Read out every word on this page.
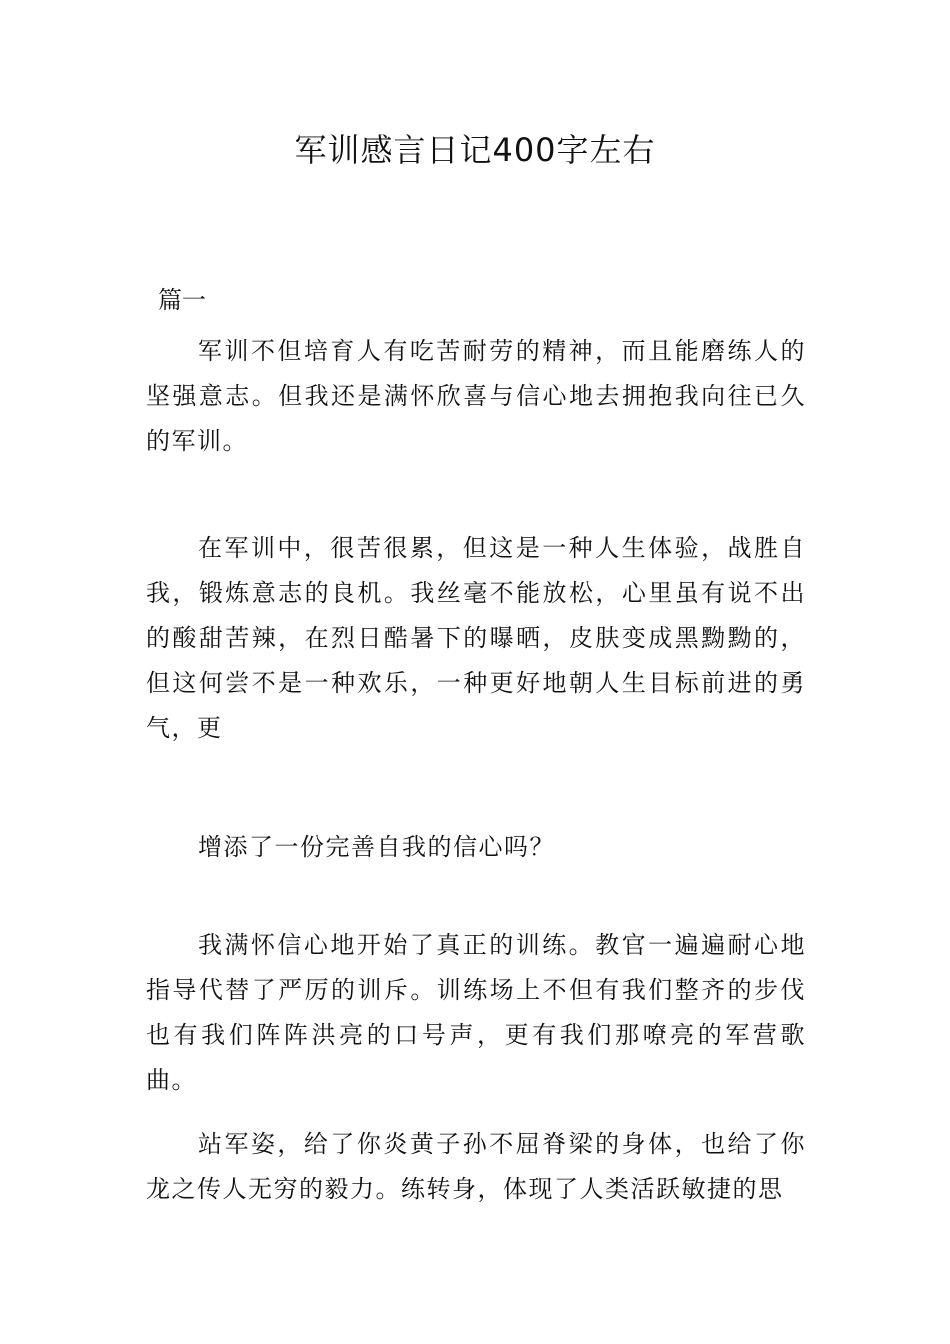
军训感言日记400字左右
篇一

军训不但培育人有吃苦耐劳的精神，而且能磨练人的坚强意志。但我还是满怀欣喜与信心地去拥抱我向往已久的军训。

在军训中，很苦很累，但这是一种人生体验，战胜自我，锻炼意志的良机。我丝毫不能放松，心里虽有说不出的酸甜苦辣，在烈日酷暑下的曝晒，皮肤变成黑黝黝的，但这何尝不是一种欢乐，一种更好地朝人生目标前进的勇气，更

增添了一份完善自我的信心吗？

我满怀信心地开始了真正的训练。教官一遍遍耐心地指导代替了严厉的训斥。训练场上不但有我们整齐的步伐也有我们阵阵洪亮的口号声，更有我们那嘹亮的军营歌曲。

站军姿，给了你炎黄子孙不屈脊梁的身体，也给了你龙之传人无穷的毅力。练转身，体现了人类活跃敏捷的思
